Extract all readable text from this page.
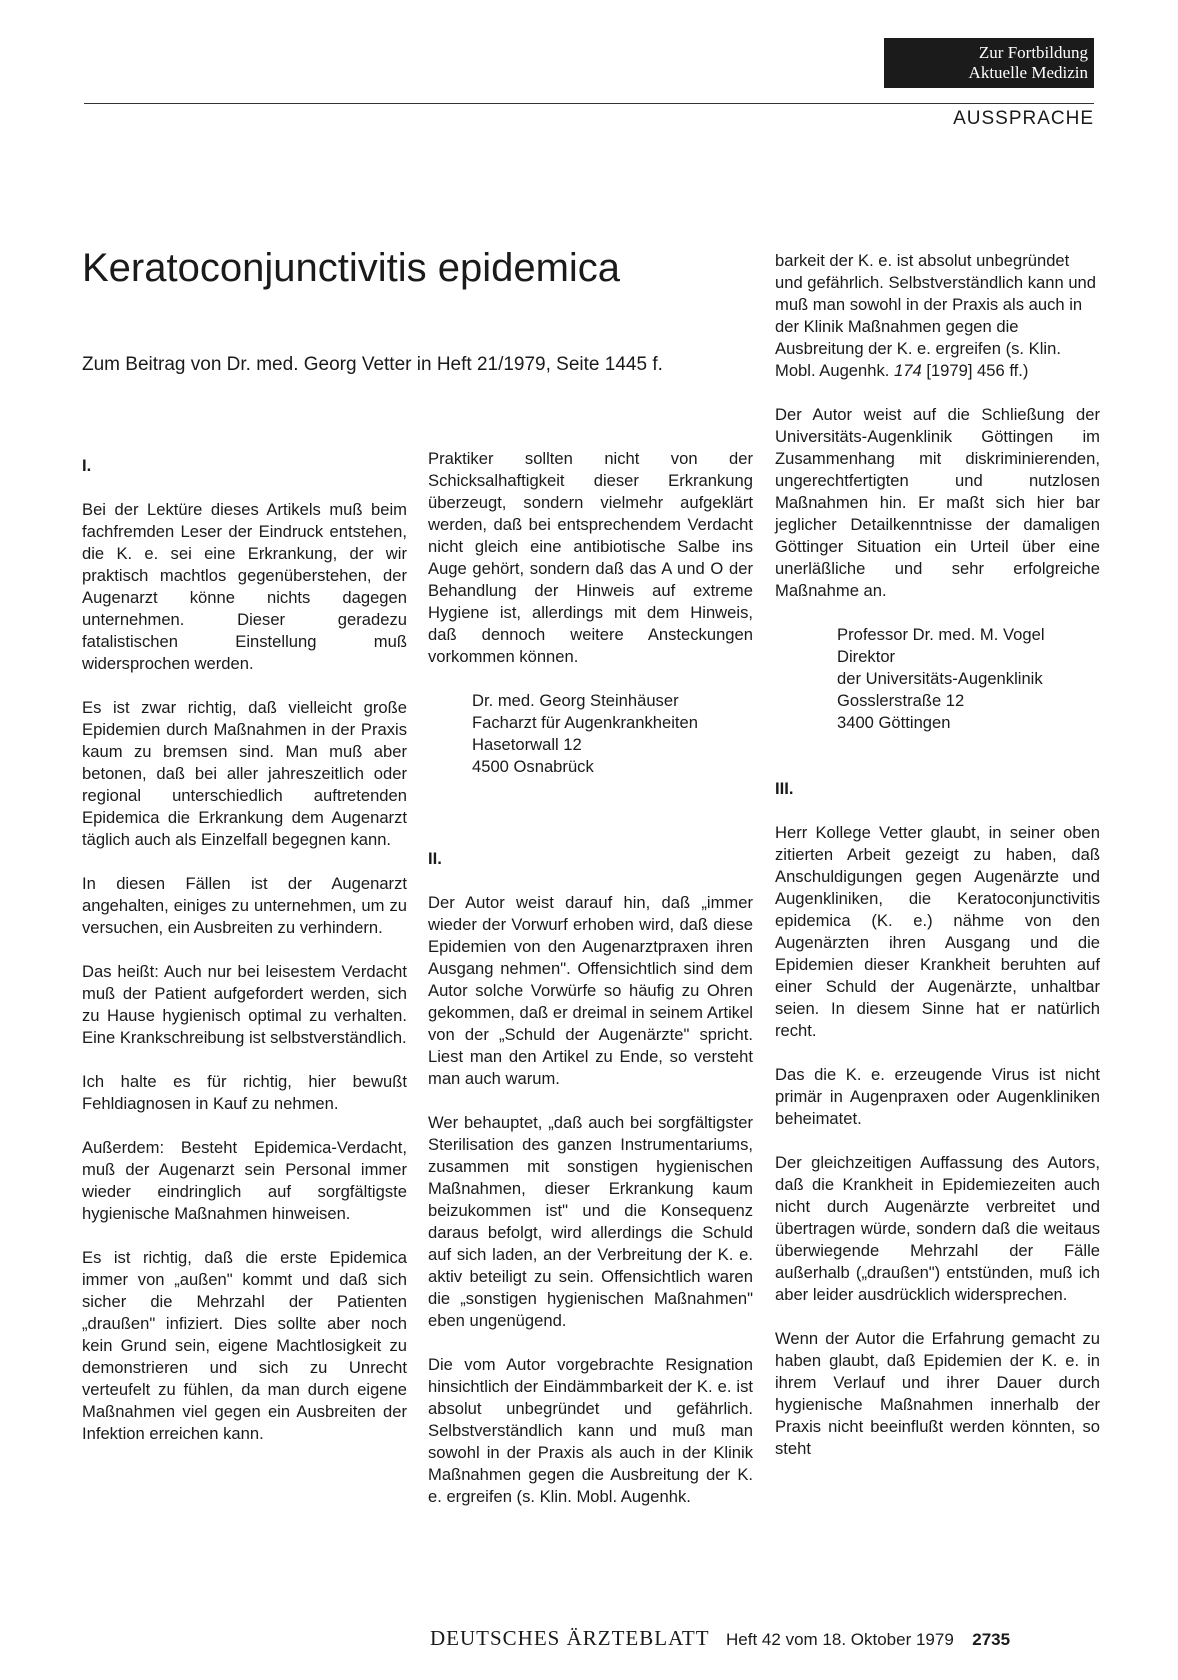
Zur Fortbildung
Aktuelle Medizin
AUSSPRACHE
Keratoconjunctivitis epidemica
Zum Beitrag von Dr. med. Georg Vetter in Heft 21/1979, Seite 1445 f.
I.

Bei der Lektüre dieses Artikels muß beim fachfremden Leser der Eindruck entstehen, die K. e. sei eine Erkrankung, der wir praktisch machtlos gegenüberstehen, der Augenarzt könne nichts dagegen unternehmen. Dieser geradezu fatalistischen Einstellung muß widersprochen werden.

Es ist zwar richtig, daß vielleicht große Epidemien durch Maßnahmen in der Praxis kaum zu bremsen sind. Man muß aber betonen, daß bei aller jahreszeitlich oder regional unterschiedlich auftretenden Epidemica die Erkrankung dem Augenarzt täglich auch als Einzelfall begegnen kann.

In diesen Fällen ist der Augenarzt angehalten, einiges zu unternehmen, um zu versuchen, ein Ausbreiten zu verhindern.

Das heißt: Auch nur bei leisestem Verdacht muß der Patient aufgefordert werden, sich zu Hause hygienisch optimal zu verhalten. Eine Krankschreibung ist selbstverständlich.

Ich halte es für richtig, hier bewußt Fehldiagnosen in Kauf zu nehmen.

Außerdem: Besteht Epidemica-Verdacht, muß der Augenarzt sein Personal immer wieder eindringlich auf sorgfältigste hygienische Maßnahmen hinweisen.

Es ist richtig, daß die erste Epidemica immer von „außen" kommt und daß sich sicher die Mehrzahl der Patienten „draußen" infiziert. Dies sollte aber noch kein Grund sein, eigene Machtlosigkeit zu demonstrieren und sich zu Unrecht verteufelt zu fühlen, da man durch eigene Maßnahmen viel gegen ein Ausbreiten der Infektion erreichen kann.

Praktiker sollten nicht von der Schicksalhaftigkeit dieser Erkrankung überzeugt, sondern vielmehr aufgeklärt werden, daß bei entsprechendem Verdacht nicht gleich eine antibiotische Salbe ins Auge gehört, sondern daß das A und O der Behandlung der Hinweis auf extreme Hygiene ist, allerdings mit dem Hinweis, daß dennoch weitere Ansteckungen vorkommen können.

Dr. med. Georg Steinhäuser
Facharzt für Augenkrankheiten
Hasetorwall 12
4500 Osnabrück
II.

Der Autor weist darauf hin, daß „immer wieder der Vorwurf erhoben wird, daß diese Epidemien von den Augenarztpraxen ihren Ausgang nehmen". Offensichtlich sind dem Autor solche Vorwürfe so häufig zu Ohren gekommen, daß er dreimal in seinem Artikel von der „Schuld der Augenärzte" spricht. Liest man den Artikel zu Ende, so versteht man auch warum.

Wer behauptet, „daß auch bei sorgfältigster Sterilisation des ganzen Instrumentariums, zusammen mit sonstigen hygienischen Maßnahmen, dieser Erkrankung kaum beizukommen ist" und die Konsequenz daraus befolgt, wird allerdings die Schuld auf sich laden, an der Verbreitung der K. e. aktiv beteiligt zu sein. Offensichtlich waren die „sonstigen hygienischen Maßnahmen" eben ungenügend.

Die vom Autor vorgebrachte Resignation hinsichtlich der Eindämmbarkeit der K. e. ist absolut unbegründet und gefährlich. Selbstverständlich kann und muß man sowohl in der Praxis als auch in der Klinik Maßnahmen gegen die Ausbreitung der K. e. ergreifen (s. Klin. Mobl. Augenhk.

barkeit der K. e. ist absolut unbegründet und gefährlich. Selbstverständlich kann und muß man sowohl in der Praxis als auch in der Klinik Maßnahmen gegen die Ausbreitung der K. e. ergreifen (s. Klin. Mobl. Augenhk. 174 [1979] 456 ff.)

Der Autor weist auf die Schließung der Universitäts-Augenklinik Göttingen im Zusammenhang mit diskriminierenden, ungerechtfertigten und nutzlosen Maßnahmen hin. Er maßt sich hier bar jeglicher Detailkenntnisse der damaligen Göttinger Situation ein Urteil über eine unerläßliche und sehr erfolgreiche Maßnahme an.

Professor Dr. med. M. Vogel
Direktor
der Universitäts-Augenklinik
Gosslerstraße 12
3400 Göttingen
III.

Herr Kollege Vetter glaubt, in seiner oben zitierten Arbeit gezeigt zu haben, daß Anschuldigungen gegen Augenärzte und Augenkliniken, die Keratoconjunctivitis epidemica (K. e.) nähme von den Augenärzten ihren Ausgang und die Epidemien dieser Krankheit beruhten auf einer Schuld der Augenärzte, unhaltbar seien. In diesem Sinne hat er natürlich recht.

Das die K. e. erzeugende Virus ist nicht primär in Augenpraxen oder Augenkliniken beheimatet.

Der gleichzeitigen Auffassung des Autors, daß die Krankheit in Epidemiezeiten auch nicht durch Augenärzte verbreitet und übertragen würde, sondern daß die weitaus überwiegende Mehrzahl der Fälle außerhalb („draußen") entstünden, muß ich aber leider ausdrücklich widersprechen.

Wenn der Autor die Erfahrung gemacht zu haben glaubt, daß Epidemien der K. e. in ihrem Verlauf und ihrer Dauer durch hygienische Maßnahmen innerhalb der Praxis nicht beeinflußt werden könnten, so steht

DEUTSCHES ÄRZTEBLATT Heft 42 vom 18. Oktober 1979 2735
